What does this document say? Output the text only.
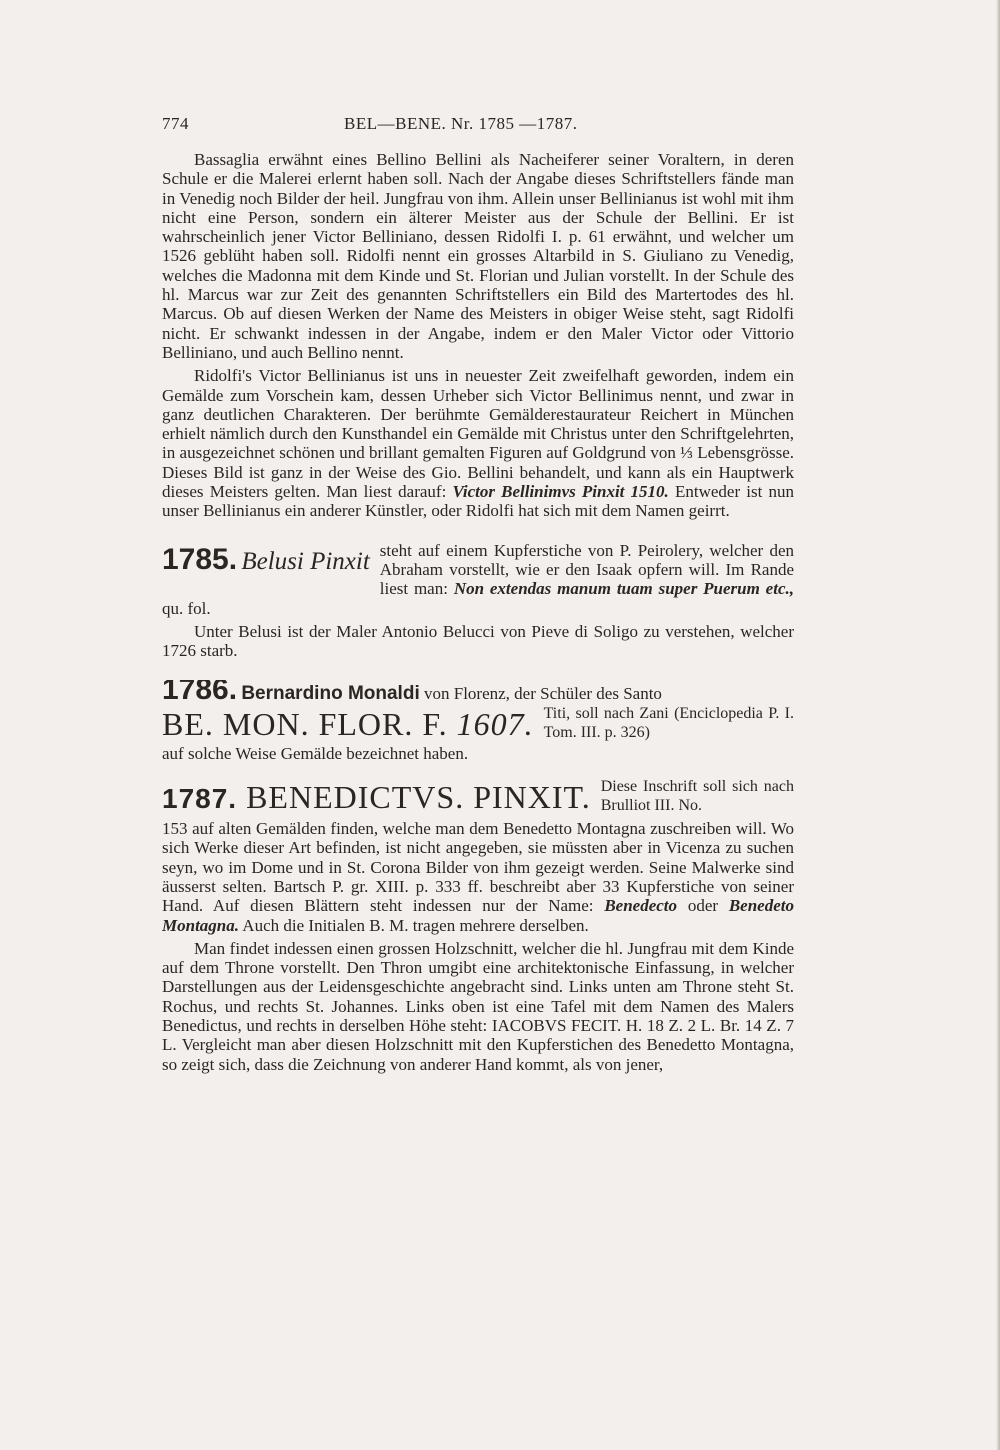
774	BEL—BENE. Nr. 1785 —1787.

Bassaglia erwähnt eines Bellino Bellini als Nacheiferer seiner Voraltern, in deren Schule er die Malerei erlernt haben soll. Nach der Angabe dieses Schriftstellers fände man in Venedig noch Bilder der heil. Jungfrau von ihm. Allein unser Bellinianus ist wohl mit ihm nicht eine Person, sondern ein älterer Meister aus der Schule der Bellini. Er ist wahrscheinlich jener Victor Belliniano, dessen Ridolfi I. p. 61 erwähnt, und welcher um 1526 geblüht haben soll. Ridolfi nennt ein grosses Altarbild in S. Giuliano zu Venedig, welches die Madonna mit dem Kinde und St. Florian und Julian vorstellt. In der Schule des hl. Marcus war zur Zeit des genannten Schriftstellers ein Bild des Martertodes des hl. Marcus. Ob auf diesen Werken der Name des Meisters in obiger Weise steht, sagt Ridolfi nicht. Er schwankt indessen in der Angabe, indem er den Maler Victor oder Vittorio Belliniano, und auch Bellino nennt.

Ridolfi's Victor Bellinianus ist uns in neuester Zeit zweifelhaft geworden, indem ein Gemälde zum Vorschein kam, dessen Urheber sich Victor Bellinimus nennt, und zwar in ganz deutlichen Charakteren. Der berühmte Gemälderestaurateur Reichert in München erhielt nämlich durch den Kunsthandel ein Gemälde mit Christus unter den Schriftgelehrten, in ausgezeichnet schönen und brillant gemalten Figuren auf Goldgrund von ⅓ Lebensgrösse. Dieses Bild ist ganz in der Weise des Gio. Bellini behandelt, und kann als ein Hauptwerk dieses Meisters gelten. Man liest darauf: Victor Bellinimvs Pinxit 1510. Entweder ist nun unser Bellinianus ein anderer Künstler, oder Ridolfi hat sich mit dem Namen geirrt.

1785. Belusi Pinxit steht auf einem Kupferstiche von P. Peirolery, welcher den Abraham vorstellt, wie er den Isaak opfern will. Im Rande liest man: Non extendas manum tuam super Puerum etc., qu. fol.

Unter Belusi ist der Maler Antonio Belucci von Pieve di Soligo zu verstehen, welcher 1726 starb.

1786. Bernardino Monaldi von Florenz, der Schüler des Santo

BE. MON. FLOR. F. 1607. Titi, soll nach Zani (Enciclopedia P. I. Tom. III. p. 326)

auf solche Weise Gemälde bezeichnet haben.

1787. BENEDICTVS. PINXIT. Diese Inschrift soll sich nach Brulliot III. No.

153 auf alten Gemälden finden, welche man dem Benedetto Montagna zuschreiben will. Wo sich Werke dieser Art befinden, ist nicht angegeben, sie müssten aber in Vicenza zu suchen seyn, wo im Dome und in St. Corona Bilder von ihm gezeigt werden. Seine Malwerke sind äusserst selten. Bartsch P. gr. XIII. p. 333 ff. beschreibt aber 33 Kupferstiche von seiner Hand. Auf diesen Blättern steht indessen nur der Name: Benedecto oder Benedeto Montagna. Auch die Initialen B. M. tragen mehrere derselben.

Man findet indessen einen grossen Holzschnitt, welcher die hl. Jungfrau mit dem Kinde auf dem Throne vorstellt. Den Thron umgibt eine architektonische Einfassung, in welcher Darstellungen aus der Leidensgeschichte angebracht sind. Links unten am Throne steht St. Rochus, und rechts St. Johannes. Links oben ist eine Tafel mit dem Namen des Malers Benedictus, und rechts in derselben Höhe steht: IACOBVS FECIT. H. 18 Z. 2 L. Br. 14 Z. 7 L. Vergleicht man aber diesen Holzschnitt mit den Kupferstichen des Benedetto Montagna, so zeigt sich, dass die Zeichnung von anderer Hand kommt, als von jener,
